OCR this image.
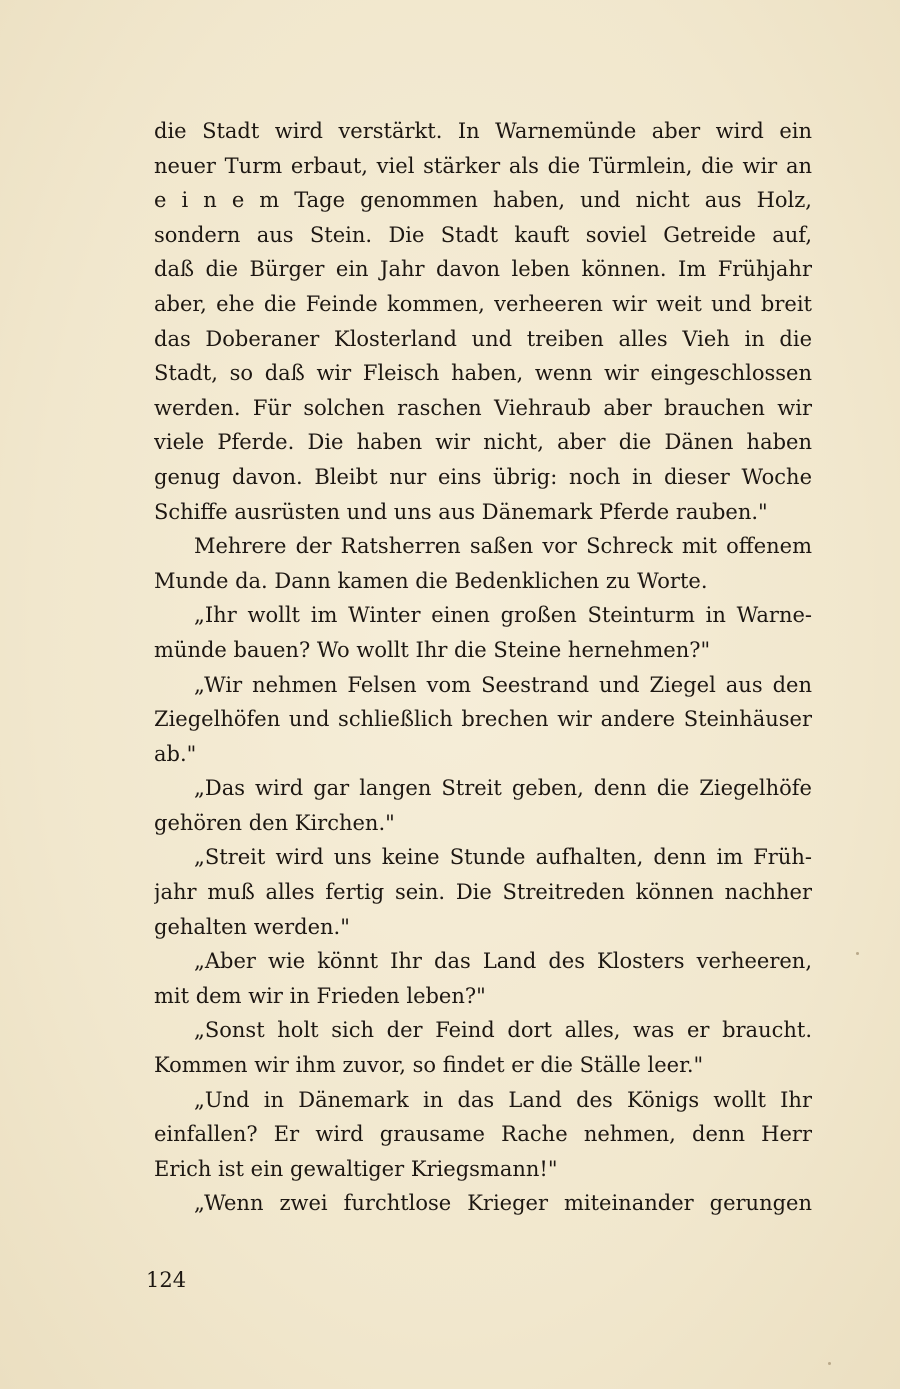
die Stadt wird verstärkt. In Warnemünde aber wird ein
neuer Turm erbaut, viel stärker als die Türmlein, die wir an
e i n e m Tage genommen haben, und nicht aus Holz,
sondern aus Stein. Die Stadt kauft soviel Getreide auf,
daß die Bürger ein Jahr davon leben können. Im Frühjahr
aber, ehe die Feinde kommen, verheeren wir weit und breit
das Doberaner Klosterland und treiben alles Vieh in die
Stadt, so daß wir Fleisch haben, wenn wir eingeschlossen
werden. Für solchen raschen Viehraub aber brauchen wir
viele Pferde. Die haben wir nicht, aber die Dänen haben
genug davon. Bleibt nur eins übrig: noch in dieser Woche
Schiffe ausrüsten und uns aus Dänemark Pferde rauben."
Mehrere der Ratsherren saßen vor Schreck mit offenem
Munde da. Dann kamen die Bedenklichen zu Worte.
„Ihr wollt im Winter einen großen Steinturm in Warne-
münde bauen? Wo wollt Ihr die Steine hernehmen?"
„Wir nehmen Felsen vom Seestrand und Ziegel aus den
Ziegelhöfen und schließlich brechen wir andere Steinhäuser
ab."
„Das wird gar langen Streit geben, denn die Ziegelhöfe
gehören den Kirchen."
„Streit wird uns keine Stunde aufhalten, denn im Früh-
jahr muß alles fertig sein. Die Streitreden können nachher
gehalten werden."
„Aber wie könnt Ihr das Land des Klosters verheeren,
mit dem wir in Frieden leben?"
„Sonst holt sich der Feind dort alles, was er braucht.
Kommen wir ihm zuvor, so findet er die Ställe leer."
„Und in Dänemark in das Land des Königs wollt Ihr
einfallen? Er wird grausame Rache nehmen, denn Herr
Erich ist ein gewaltiger Kriegsmann!"
„Wenn zwei furchtlose Krieger miteinander gerungen
124
